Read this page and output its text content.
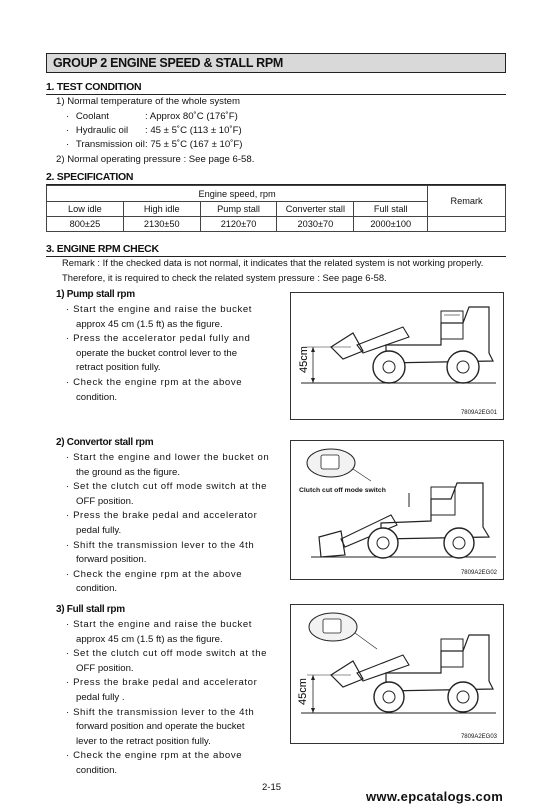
GROUP 2 ENGINE SPEED & STALL RPM
1. TEST CONDITION
1) Normal temperature of the whole system
· Coolant	: Approx 80˚C (176˚F)
· Hydraulic oil : 45 ± 5˚C (113 ± 10˚F)
· Transmission oil : 75 ± 5˚C (167 ± 10˚F)
2) Normal operating pressure : See page 6-58.
2. SPECIFICATION
Engine speed, rpm					Remark
Low idle	High idle	Pump stall	Converter stall	Full stall	
800±25	2130±50	2120±70	2030±70	2000±100	
3. ENGINE RPM CHECK
Remark : If the checked data is not normal, it indicates that the related system is not working properly.
Therefore, it is required to check the related system pressure : See page 6-58.
1) Pump stall rpm
· Start the engine and raise the bucket
approx 45 cm (1.5 ft) as the figure.
· Press the accelerator pedal fully and
operate the bucket control lever to the
retract position fully.
· Check the engine rpm at the above
condition.
45cm
7809A2EG01
2) Convertor stall rpm
· Start the engine and lower the bucket on
the ground as the figure.
· Set the clutch cut off mode switch at the
OFF position.
· Press the brake pedal and accelerator
pedal fully.
· Shift the transmission lever to the 4th
forward position.
· Check the engine rpm at the above
condition.
Clutch cut off mode switch
7809A2EG02
3) Full stall rpm
· Start the engine and raise the bucket
approx 45 cm (1.5 ft) as the figure.
· Set the clutch cut off mode switch at the
OFF position.
· Press the brake pedal and accelerator
pedal fully .
· Shift the transmission lever to the 4th
forward position and operate the bucket
lever to the retract position fully.
· Check the engine rpm at the above
condition.
45cm
7809A2EG03
2-15
www.epcatalogs.com
